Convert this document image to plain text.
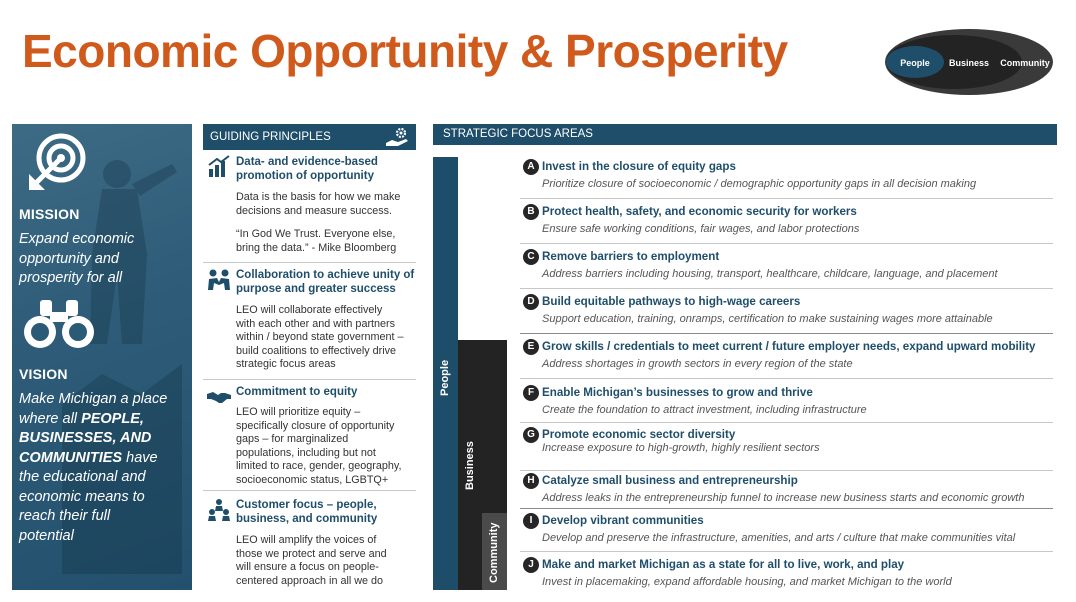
Economic Opportunity & Prosperity	People Business Community
MISSION
Expand economic
opportunity and
prosperity for all
VISION
Make Michigan a place
where all PEOPLE,
BUSINESSES, AND
COMMUNITIES have
the educational and
economic means to
reach their full
potential
GUIDING PRINCIPLES
Data- and evidence-based
promotion of opportunity
Data is the basis for how we make
decisions and measure success.
“In God We Trust. Everyone else,
bring the data.” - Mike Bloomberg
Collaboration to achieve unity of
purpose and greater success
LEO will collaborate effectively
with each other and with partners
within / beyond state government –
build coalitions to effectively drive
strategic focus areas
Commitment to equity
LEO will prioritize equity –
specifically closure of opportunity
gaps – for marginalized
populations, including but not
limited to race, gender, geography,
socioeconomic status, LGBTQ+
Customer focus – people,
business, and community
LEO will amplify the voices of
those we protect and serve and
will ensure a focus on people-
centered approach in all we do
STRATEGIC FOCUS AREAS
People
Business
Community
A Invest in the closure of equity gaps
Prioritize closure of socioeconomic / demographic opportunity gaps in all decision making
B Protect health, safety, and economic security for workers
Ensure safe working conditions, fair wages, and labor protections
C Remove barriers to employment
Address barriers including housing, transport, healthcare, childcare, language, and placement
D Build equitable pathways to high-wage careers
Support education, training, onramps, certification to make sustaining wages more attainable
E Grow skills / credentials to meet current / future employer needs, expand upward mobility
Address shortages in growth sectors in every region of the state
F Enable Michigan’s businesses to grow and thrive
Create the foundation to attract investment, including infrastructure
G Promote economic sector diversity
Increase exposure to high-growth, highly resilient sectors
H Catalyze small business and entrepreneurship
Address leaks in the entrepreneurship funnel to increase new business starts and economic growth
I Develop vibrant communities
Develop and preserve the infrastructure, amenities, and arts / culture that make communities vital
J Make and market Michigan as a state for all to live, work, and play
Invest in placemaking, expand affordable housing, and market Michigan to the world
